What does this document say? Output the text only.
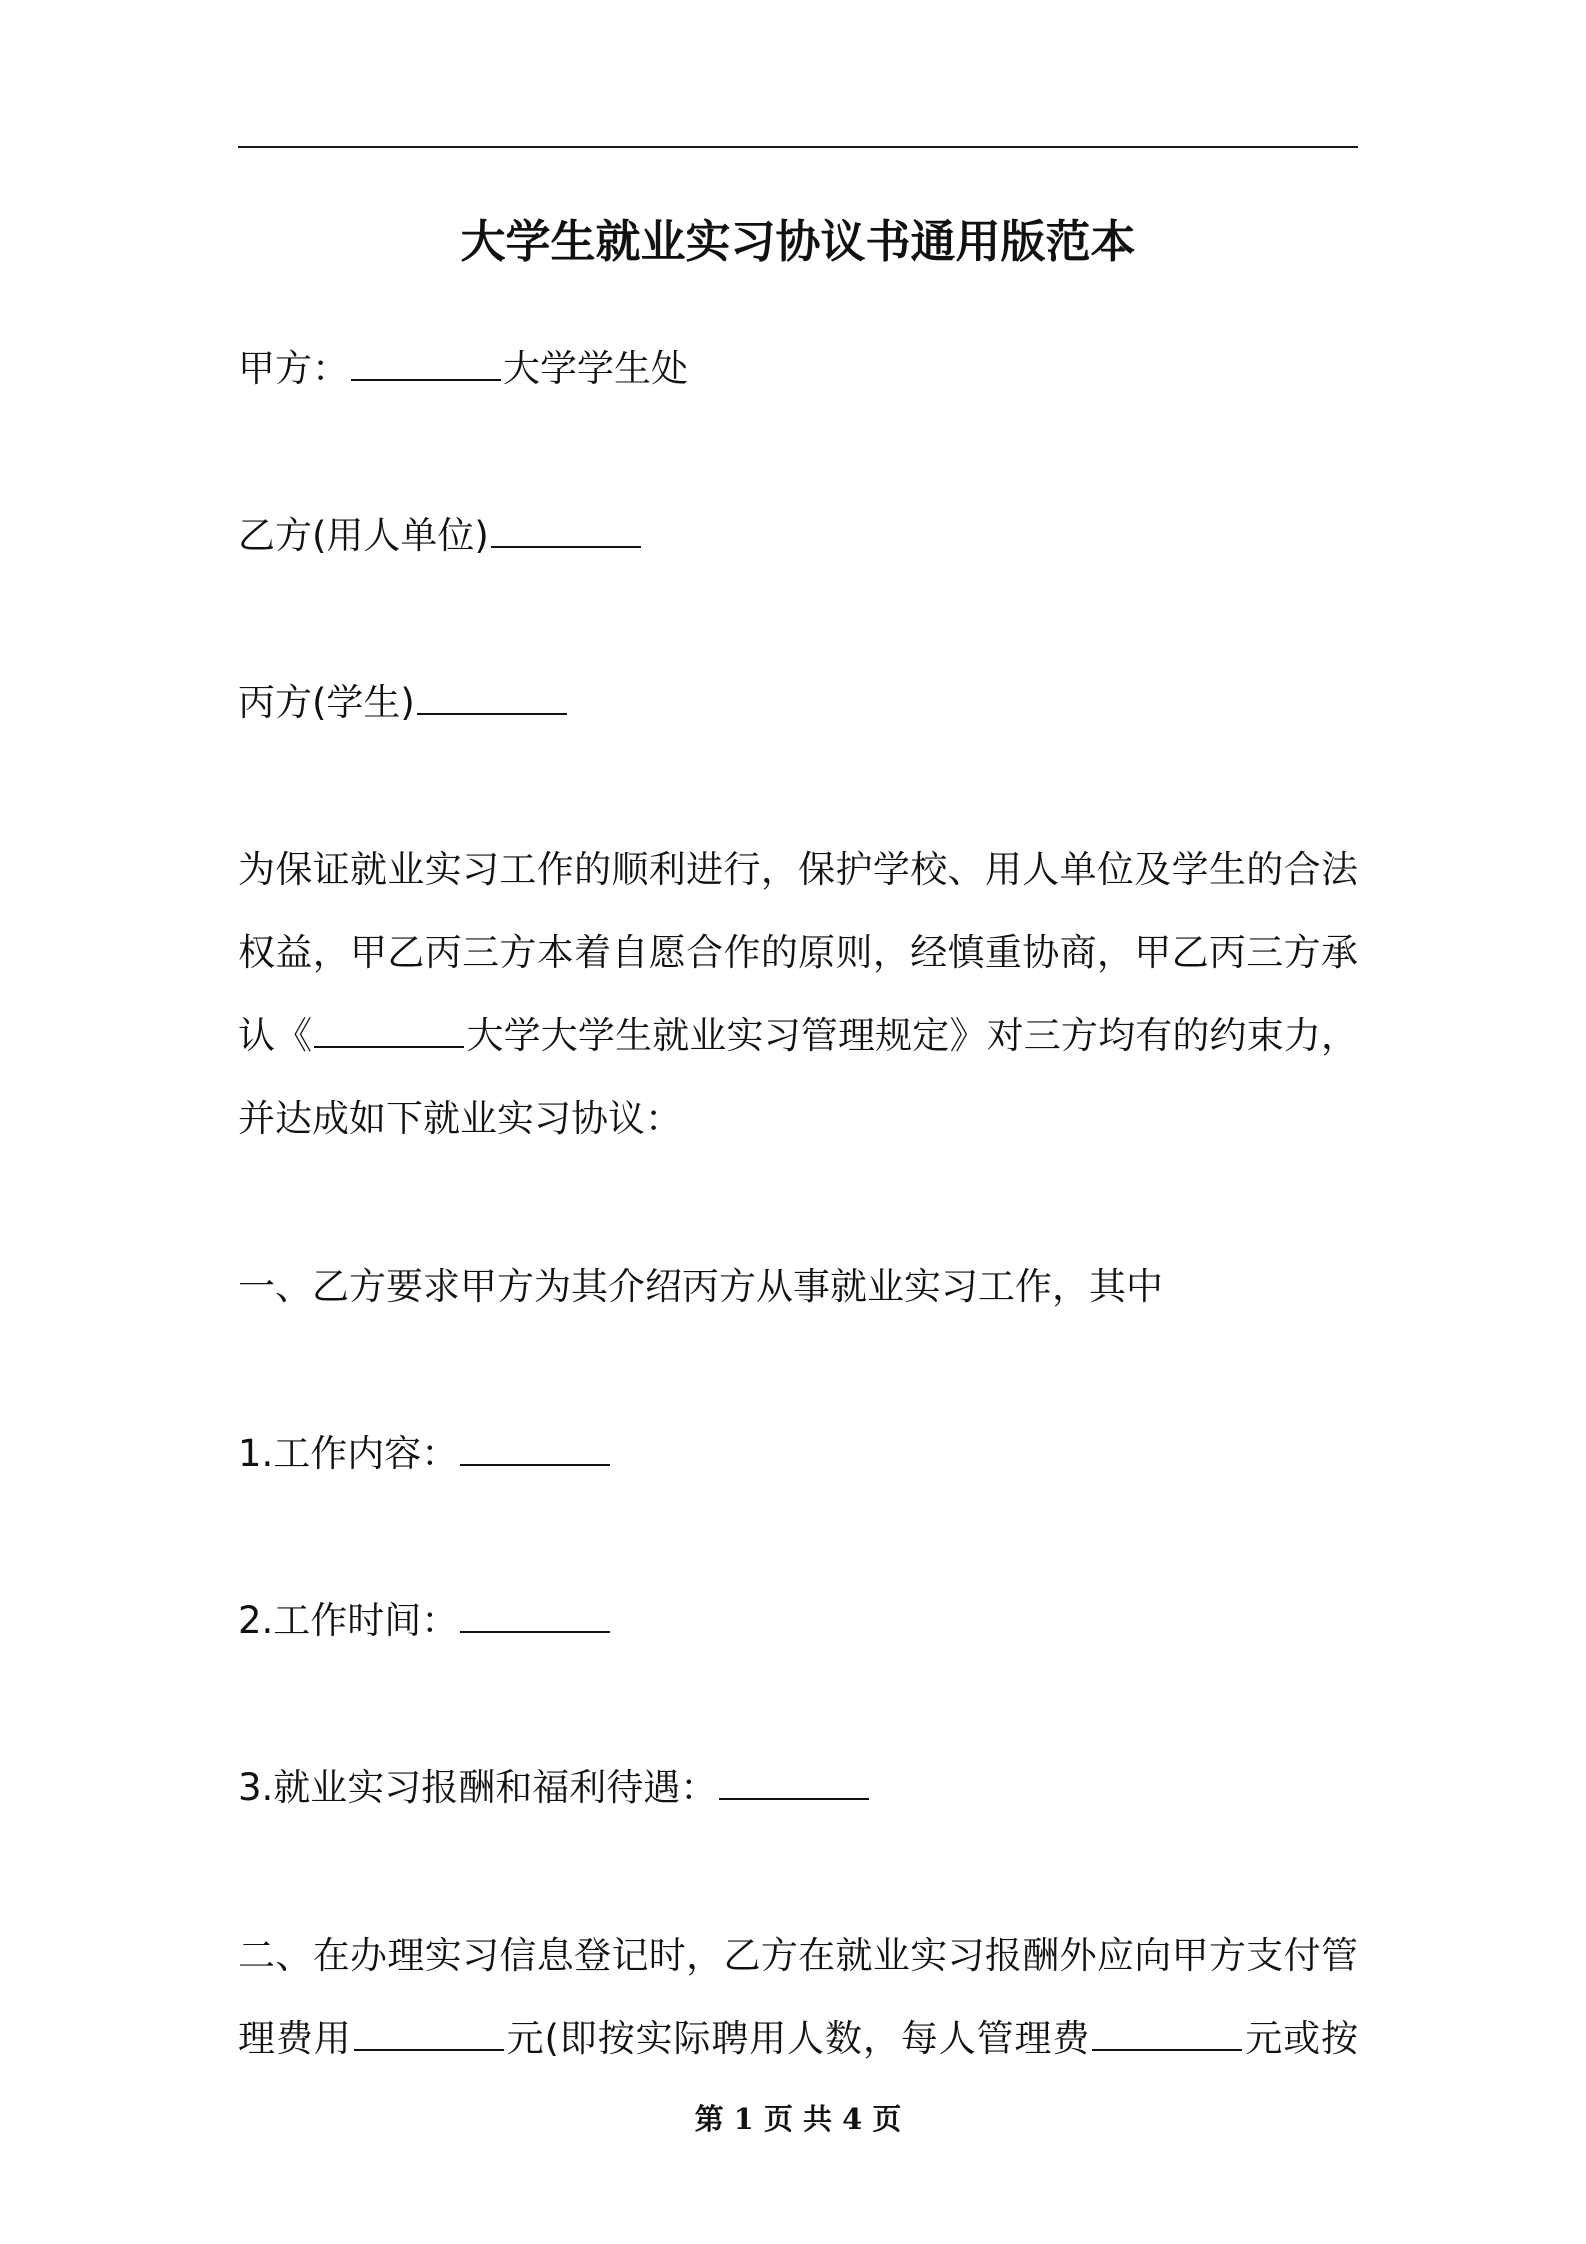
大学生就业实习协议书通用版范本
甲方：	大学学生处
乙方(用人单位)
丙方(学生)
为保证就业实习工作的顺利进行，保护学校、用人单位及学生的合法
权益，甲乙丙三方本着自愿合作的原则，经慎重协商，甲乙丙三方承
认《	大学大学生就业实习管理规定》对三方均有的约束力，
并达成如下就业实习协议：
一、乙方要求甲方为其介绍丙方从事就业实习工作，其中
1.工作内容：
2.工作时间：
3.就业实习报酬和福利待遇：
二、在办理实习信息登记时，乙方在就业实习报酬外应向甲方支付管
理费用	元(即按实际聘用人数，每人管理费	元或按
第 1 页 共 4 页
